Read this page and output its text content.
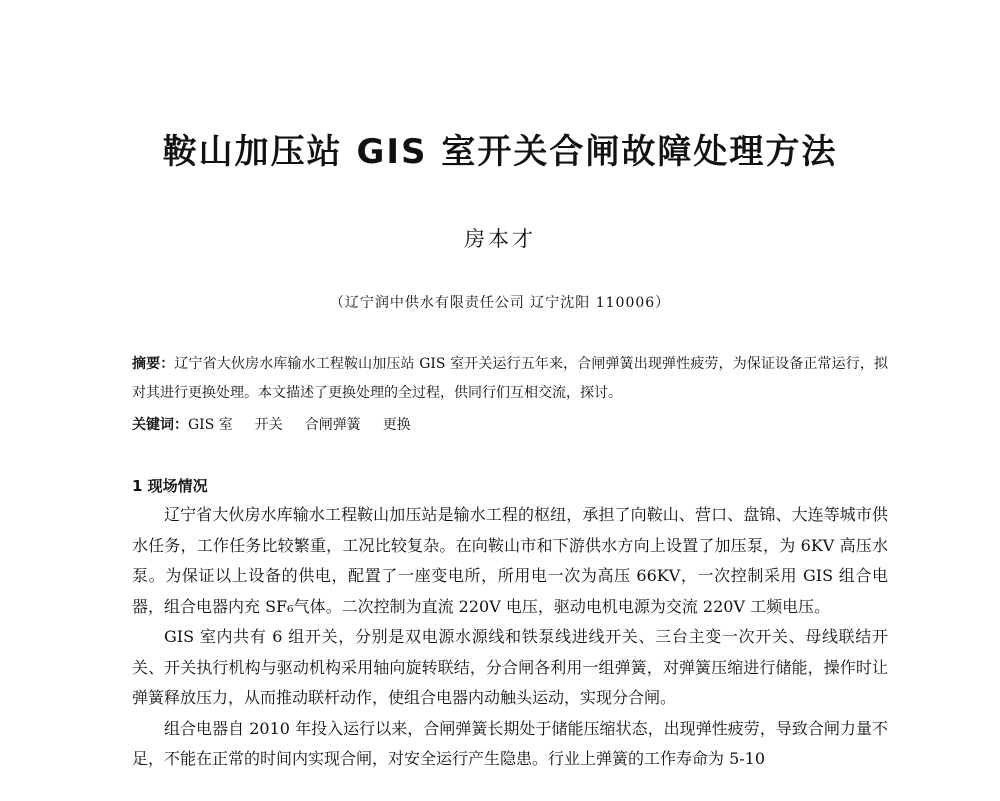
鞍山加压站 GIS 室开关合闸故障处理方法
房本才
（辽宁润中供水有限责任公司 辽宁沈阳 110006）
摘要：辽宁省大伙房水库输水工程鞍山加压站 GIS 室开关运行五年来，合闸弹簧出现弹性疲劳，为保证设备正常运行，拟对其进行更换处理。本文描述了更换处理的全过程，供同行们互相交流，探讨。
关键词：GIS 室 开关 合闸弹簧 更换
1 现场情况

辽宁省大伙房水库输水工程鞍山加压站是输水工程的枢纽，承担了向鞍山、营口、盘锦、大连等城市供水任务，工作任务比较繁重，工况比较复杂。在向鞍山市和下游供水方向上设置了加压泵，为 6KV 高压水泵。为保证以上设备的供电，配置了一座变电所，所用电一次为高压 66KV，一次控制采用 GIS 组合电器，组合电器内充 SF₆气体。二次控制为直流 220V 电压，驱动电机电源为交流 220V 工频电压。

GIS 室内共有 6 组开关，分别是双电源水源线和铁泵线进线开关、三台主变一次开关、母线联结开关、开关执行机构与驱动机构采用轴向旋转联结，分合闸各利用一组弹簧，对弹簧压缩进行储能，操作时让弹簧释放压力，从而推动联杆动作，使组合电器内动触头运动，实现分合闸。

组合电器自 2010 年投入运行以来，合闸弹簧长期处于储能压缩状态，出现弹性疲劳，导致合闸力量不足，不能在正常的时间内实现合闸，对安全运行产生隐患。行业上弹簧的工作寿命为 5-10
